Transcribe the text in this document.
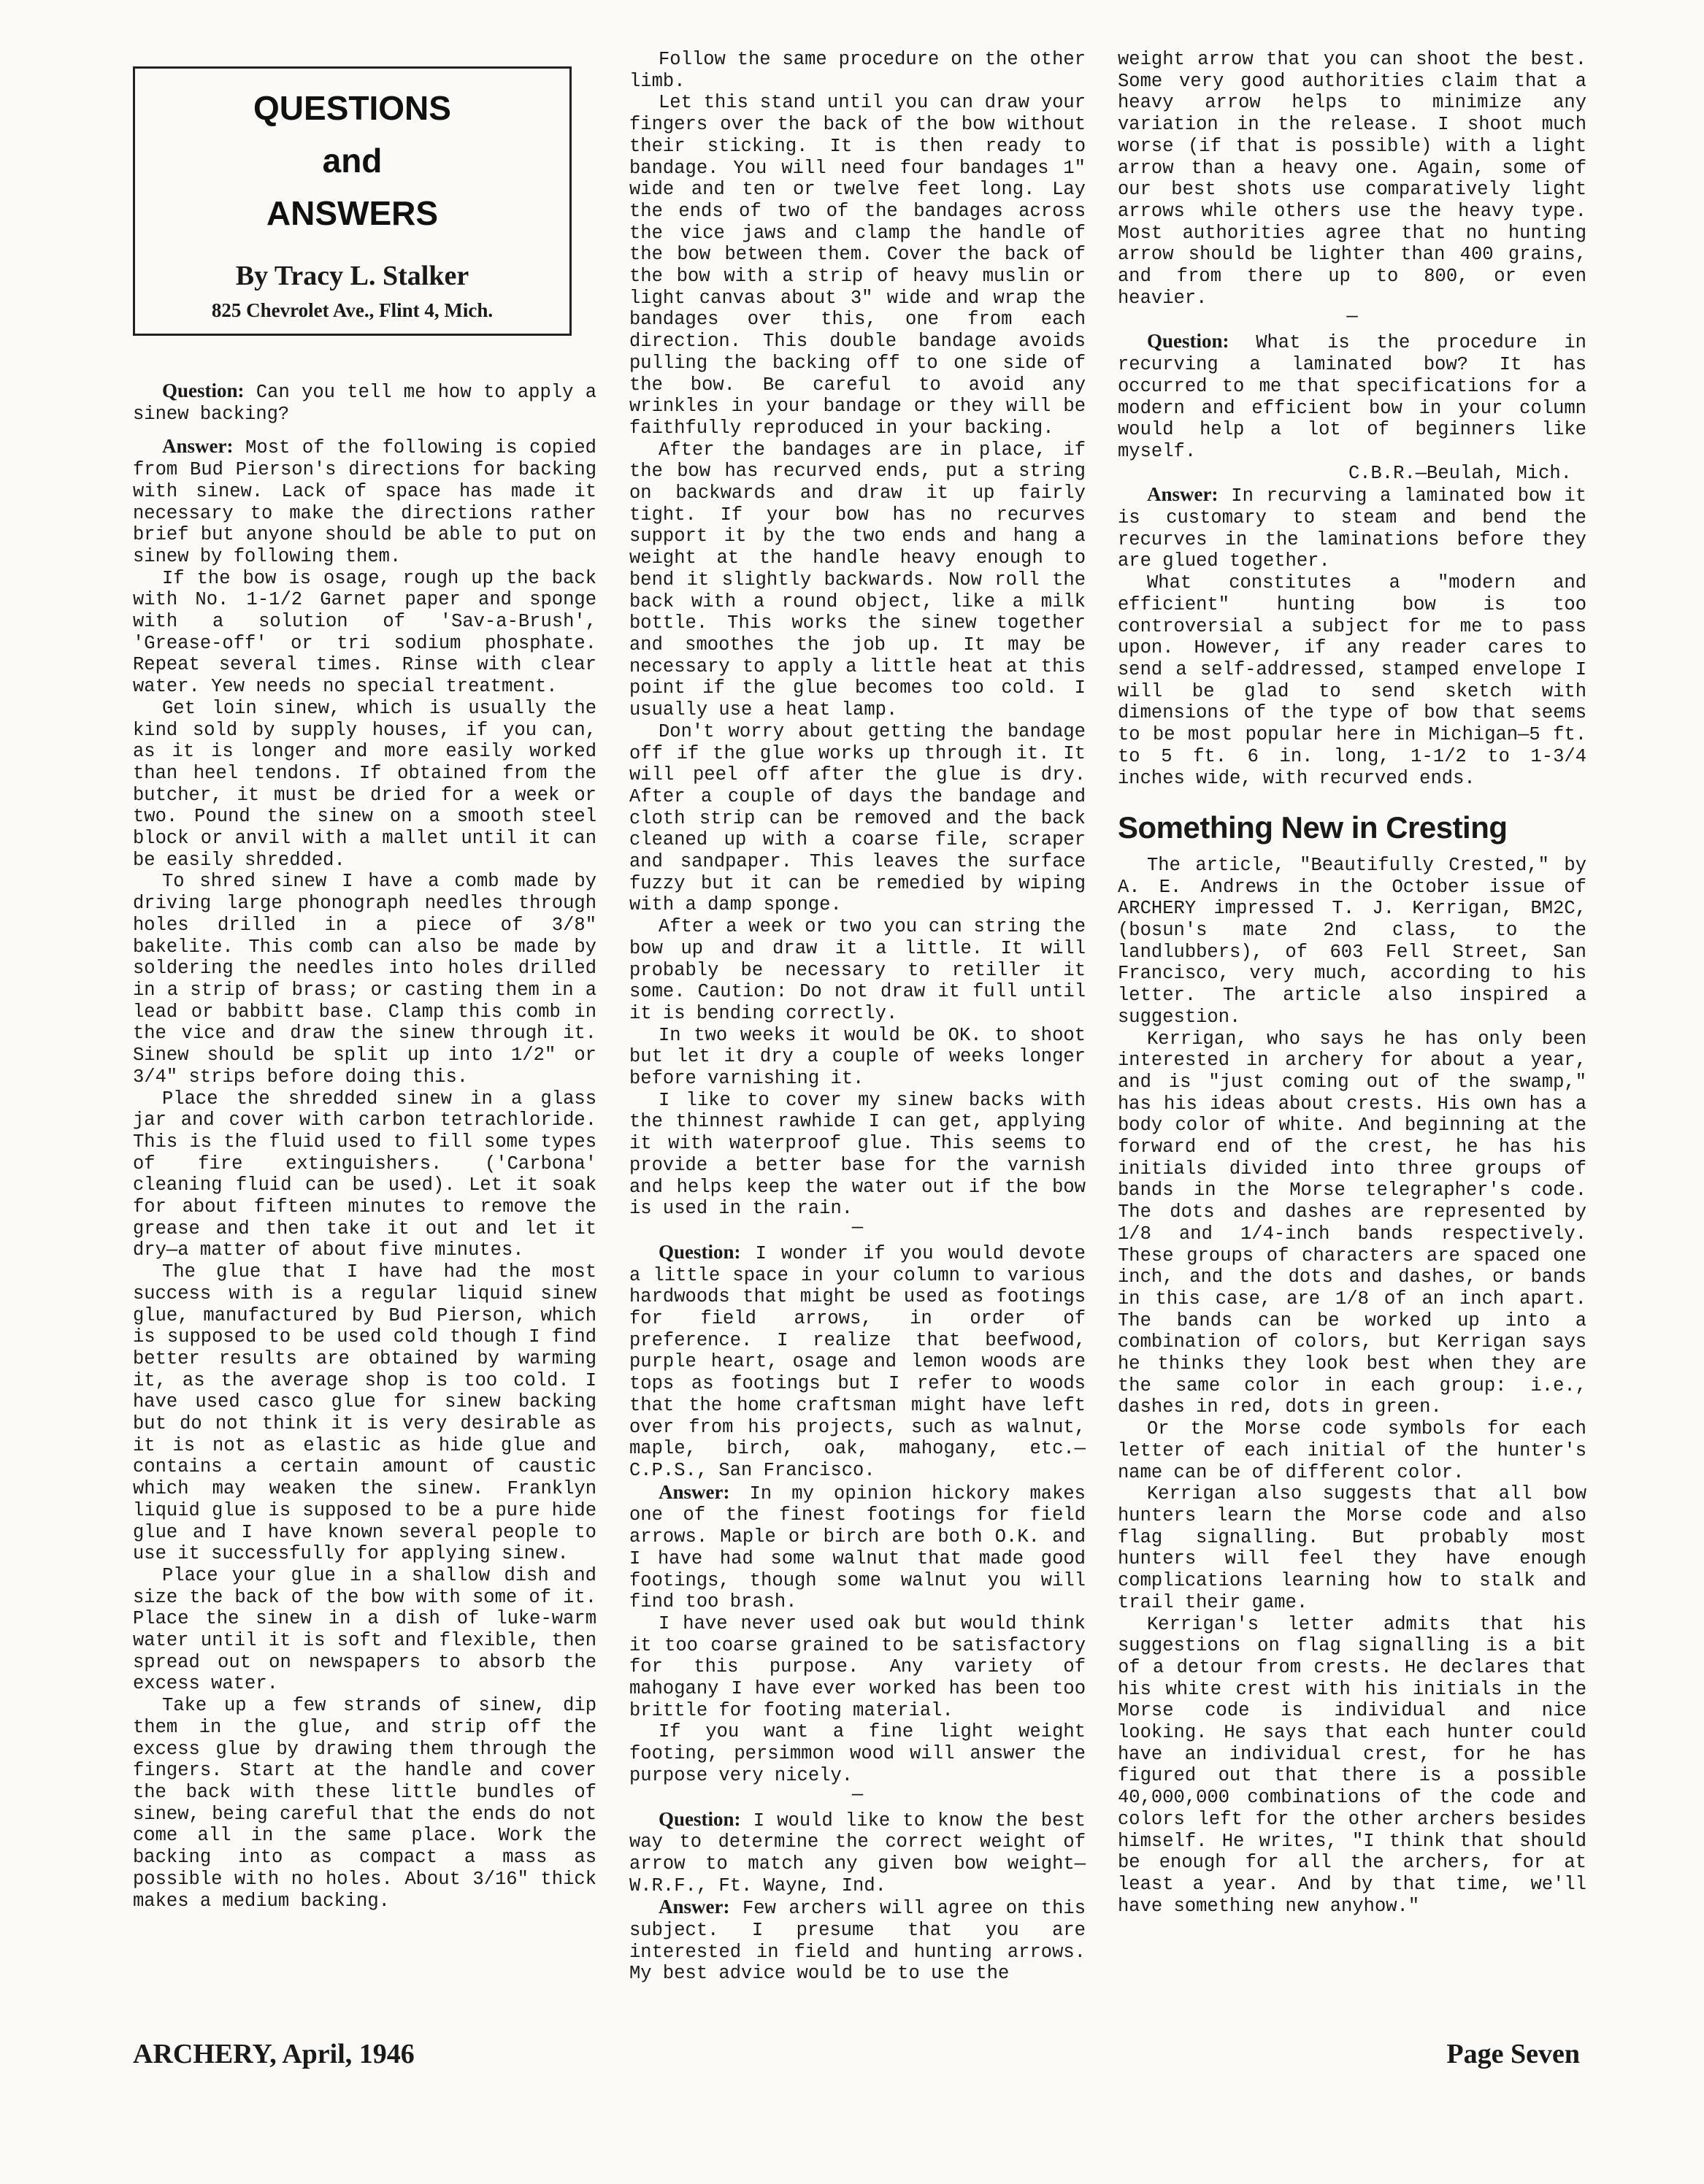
QUESTIONS
and
ANSWERS
By Tracy L. Stalker
825 Chevrolet Ave., Flint 4, Mich.

Question: Can you tell me how to apply a sinew backing?

Answer: Most of the following is copied from Bud Pierson's directions for backing with sinew. Lack of space has made it necessary to make the directions rather brief but anyone should be able to put on sinew by following them.

If the bow is osage, rough up the back with No. 1-1/2 Garnet paper and sponge with a solution of 'Sav-a-Brush', 'Grease-off' or tri sodium phosphate. Repeat several times. Rinse with clear water. Yew needs no special treatment.

Get loin sinew, which is usually the kind sold by supply houses, if you can, as it is longer and more easily worked than heel tendons. If obtained from the butcher, it must be dried for a week or two. Pound the sinew on a smooth steel block or anvil with a mallet until it can be easily shredded.

To shred sinew I have a comb made by driving large phonograph needles through holes drilled in a piece of 3/8" bakelite. This comb can also be made by soldering the needles into holes drilled in a strip of brass; or casting them in a lead or babbitt base. Clamp this comb in the vice and draw the sinew through it. Sinew should be split up into 1/2" or 3/4" strips before doing this.

Place the shredded sinew in a glass jar and cover with carbon tetrachloride. This is the fluid used to fill some types of fire extinguishers. ('Carbona' cleaning fluid can be used). Let it soak for about fifteen minutes to remove the grease and then take it out and let it dry—a matter of about five minutes.

The glue that I have had the most success with is a regular liquid sinew glue, manufactured by Bud Pierson, which is supposed to be used cold though I find better results are obtained by warming it, as the average shop is too cold. I have used casco glue for sinew backing but do not think it is very desirable as it is not as elastic as hide glue and contains a certain amount of caustic which may weaken the sinew. Franklyn liquid glue is supposed to be a pure hide glue and I have known several people to use it successfully for applying sinew.

Place your glue in a shallow dish and size the back of the bow with some of it. Place the sinew in a dish of luke-warm water until it is soft and flexible, then spread out on newspapers to absorb the excess water.

Take up a few strands of sinew, dip them in the glue, and strip off the excess glue by drawing them through the fingers. Start at the handle and cover the back with these little bundles of sinew, being careful that the ends do not come all in the same place. Work the backing into as compact a mass as possible with no holes. About 3/16" thick makes a medium backing.

Follow the same procedure on the other limb.

Let this stand until you can draw your fingers over the back of the bow without their sticking. It is then ready to bandage. You will need four bandages 1" wide and ten or twelve feet long. Lay the ends of two of the bandages across the vice jaws and clamp the handle of the bow between them. Cover the back of the bow with a strip of heavy muslin or light canvas about 3" wide and wrap the bandages over this, one from each direction. This double bandage avoids pulling the backing off to one side of the bow. Be careful to avoid any wrinkles in your bandage or they will be faithfully reproduced in your backing.

After the bandages are in place, if the bow has recurved ends, put a string on backwards and draw it up fairly tight. If your bow has no recurves support it by the two ends and hang a weight at the handle heavy enough to bend it slightly backwards. Now roll the back with a round object, like a milk bottle. This works the sinew together and smoothes the job up. It may be necessary to apply a little heat at this point if the glue becomes too cold. I usually use a heat lamp.

Don't worry about getting the bandage off if the glue works up through it. It will peel off after the glue is dry. After a couple of days the bandage and cloth strip can be removed and the back cleaned up with a coarse file, scraper and sandpaper. This leaves the surface fuzzy but it can be remedied by wiping with a damp sponge.

After a week or two you can string the bow up and draw it a little. It will probably be necessary to retiller it some. Caution: Do not draw it full until it is bending correctly.

In two weeks it would be OK. to shoot but let it dry a couple of weeks longer before varnishing it.

I like to cover my sinew backs with the thinnest rawhide I can get, applying it with waterproof glue. This seems to provide a better base for the varnish and helps keep the water out if the bow is used in the rain.

—

Question: I wonder if you would devote a little space in your column to various hardwoods that might be used as footings for field arrows, in order of preference. I realize that beefwood, purple heart, osage and lemon woods are tops as footings but I refer to woods that the home craftsman might have left over from his projects, such as walnut, maple, birch, oak, mahogany, etc.—C.P.S., San Francisco.

Answer: In my opinion hickory makes one of the finest footings for field arrows. Maple or birch are both O.K. and I have had some walnut that made good footings, though some walnut you will find too brash.

I have never used oak but would think it too coarse grained to be satisfactory for this purpose. Any variety of mahogany I have ever worked has been too brittle for footing material.

If you want a fine light weight footing, persimmon wood will answer the purpose very nicely.

—

Question: I would like to know the best way to determine the correct weight of arrow to match any given bow weight—W.R.F., Ft. Wayne, Ind.

Answer: Few archers will agree on this subject. I presume that you are interested in field and hunting arrows. My best advice would be to use the

weight arrow that you can shoot the best. Some very good authorities claim that a heavy arrow helps to minimize any variation in the release. I shoot much worse (if that is possible) with a light arrow than a heavy one. Again, some of our best shots use comparatively light arrows while others use the heavy type. Most authorities agree that no hunting arrow should be lighter than 400 grains, and from there up to 800, or even heavier.

—

Question: What is the procedure in recurving a laminated bow? It has occurred to me that specifications for a modern and efficient bow in your column would help a lot of beginners like myself.

C.B.R.—Beulah, Mich.

Answer: In recurving a laminated bow it is customary to steam and bend the recurves in the laminations before they are glued together.

What constitutes a "modern and efficient" hunting bow is too controversial a subject for me to pass upon. However, if any reader cares to send a self-addressed, stamped envelope I will be glad to send sketch with dimensions of the type of bow that seems to be most popular here in Michigan—5 ft. to 5 ft. 6 in. long, 1-1/2 to 1-3/4 inches wide, with recurved ends.

Something New in Cresting

The article, "Beautifully Crested," by A. E. Andrews in the October issue of ARCHERY impressed T. J. Kerrigan, BM2C, (bosun's mate 2nd class, to the landlubbers), of 603 Fell Street, San Francisco, very much, according to his letter. The article also inspired a suggestion.

Kerrigan, who says he has only been interested in archery for about a year, and is "just coming out of the swamp," has his ideas about crests. His own has a body color of white. And beginning at the forward end of the crest, he has his initials divided into three groups of bands in the Morse telegrapher's code. The dots and dashes are represented by 1/8 and 1/4-inch bands respectively. These groups of characters are spaced one inch, and the dots and dashes, or bands in this case, are 1/8 of an inch apart. The bands can be worked up into a combination of colors, but Kerrigan says he thinks they look best when they are the same color in each group: i.e., dashes in red, dots in green.

Or the Morse code symbols for each letter of each initial of the hunter's name can be of different color.

Kerrigan also suggests that all bow hunters learn the Morse code and also flag signalling. But probably most hunters will feel they have enough complications learning how to stalk and trail their game.

Kerrigan's letter admits that his suggestions on flag signalling is a bit of a detour from crests. He declares that his white crest with his initials in the Morse code is individual and nice looking. He says that each hunter could have an individual crest, for he has figured out that there is a possible 40,000,000 combinations of the code and colors left for the other archers besides himself. He writes, "I think that should be enough for all the archers, for at least a year. And by that time, we'll have something new anyhow."

ARCHERY, April, 1946	Page Seven
